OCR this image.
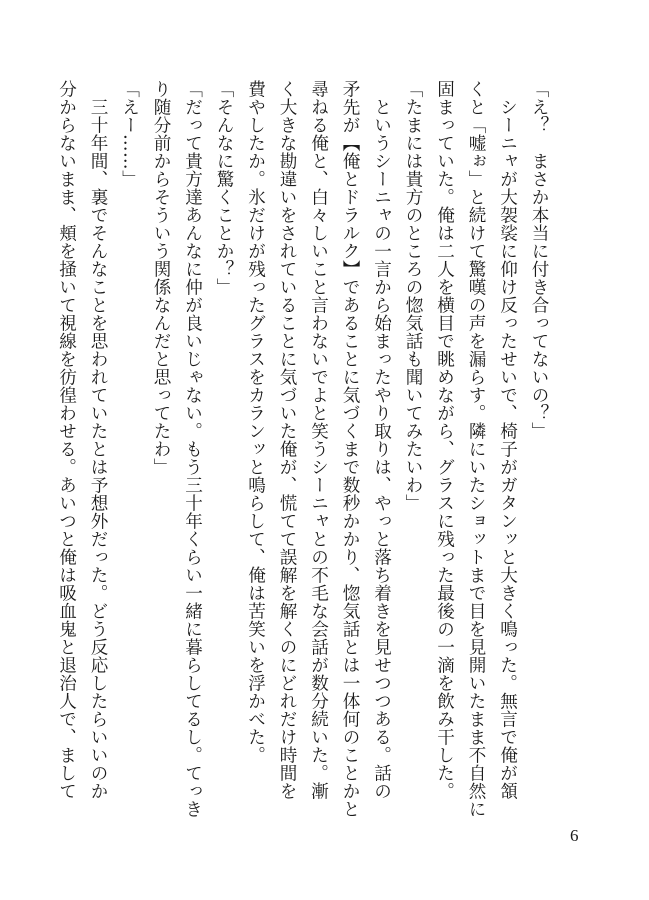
「え？　まさか本当に付き合ってないの？」
　シーニャが大袈裟に仰け反ったせいで、椅子がガタンッと大きく鳴った。無言で俺が頷
くと「嘘ぉ」と続けて驚嘆の声を漏らす。隣にいたショットまで目を見開いたまま不自然に
固まっていた。俺は二人を横目で眺めながら、グラスに残った最後の一滴を飲み干した。
「たまには貴方のところの惚気話も聞いてみたいわ」
　というシーニャの一言から始まったやり取りは、やっと落ち着きを見せつつある。話の
矛先が【俺とドラルク】であることに気づくまで数秒かかり、惚気話とは一体何のことかと
尋ねる俺と、白々しいこと言わないでよと笑うシーニャとの不毛な会話が数分続いた。漸
く大きな勘違いをされていることに気づいた俺が、慌てて誤解を解くのにどれだけ時間を
費やしたか。氷だけが残ったグラスをカランッと鳴らして、俺は苦笑いを浮かべた。
「そんなに驚くことか？」
「だって貴方達あんなに仲が良いじゃない。もう三十年くらい一緒に暮らしてるし。てっき
り随分前からそういう関係なんだと思ってたわ」
「えー……」
　三十年間、裏でそんなことを思われていたとは予想外だった。どう反応したらいいのか
分からないまま、頬を掻いて視線を彷徨わせる。あいつと俺は吸血鬼と退治人で、まして
6
